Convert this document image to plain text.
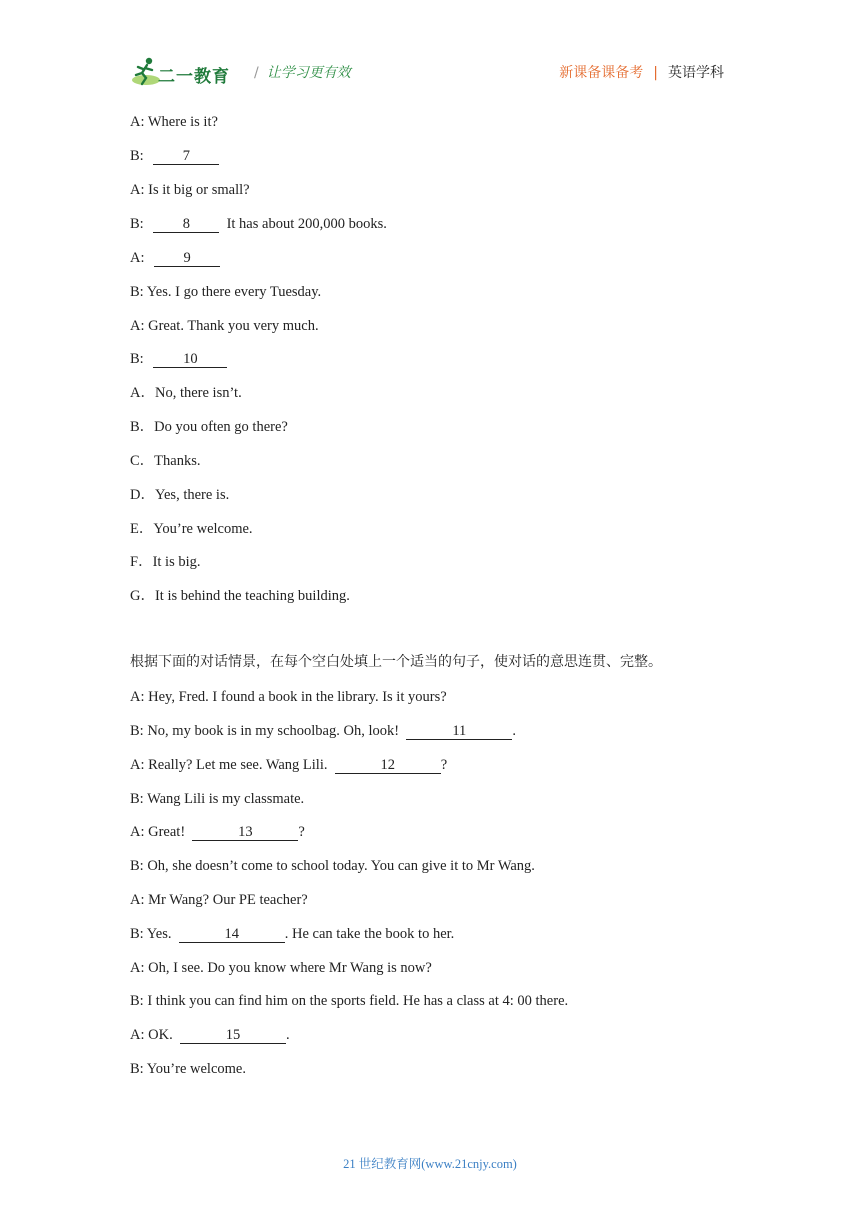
二一教育 / 让学习更有效	新课备课备考 | 英语学科
A: Where is it?
B: 7
A: Is it big or small?
B: 8  It has about 200,000 books.
A: 9
B: Yes. I go there every Tuesday.
A: Great. Thank you very much.
B: 10
A．No, there isn’t.
B．Do you often go there?
C．Thanks.
D．Yes, there is.
E．You’re welcome.
F．It is big.
G．It is behind the teaching building.
根据下面的对话情景，在每个空白处填上一个适当的句子，使对话的意思连贯、完整。
A: Hey, Fred. I found a book in the library. Is it yours?
B: No, my book is in my schoolbag. Oh, look!	11	.
A: Really? Let me see. Wang Lili.	12	?
B: Wang Lili is my classmate.
A: Great!	13	?
B: Oh, she doesn’t come to school today. You can give it to Mr Wang.
A: Mr Wang? Our PE teacher?
B: Yes.	14	. He can take the book to her.
A: Oh, I see. Do you know where Mr Wang is now?
B: I think you can find him on the sports field. He has a class at 4: 00 there.
A: OK.	15	.
B: You’re welcome.
21 世纪教育网(www.21cnjy.com)
